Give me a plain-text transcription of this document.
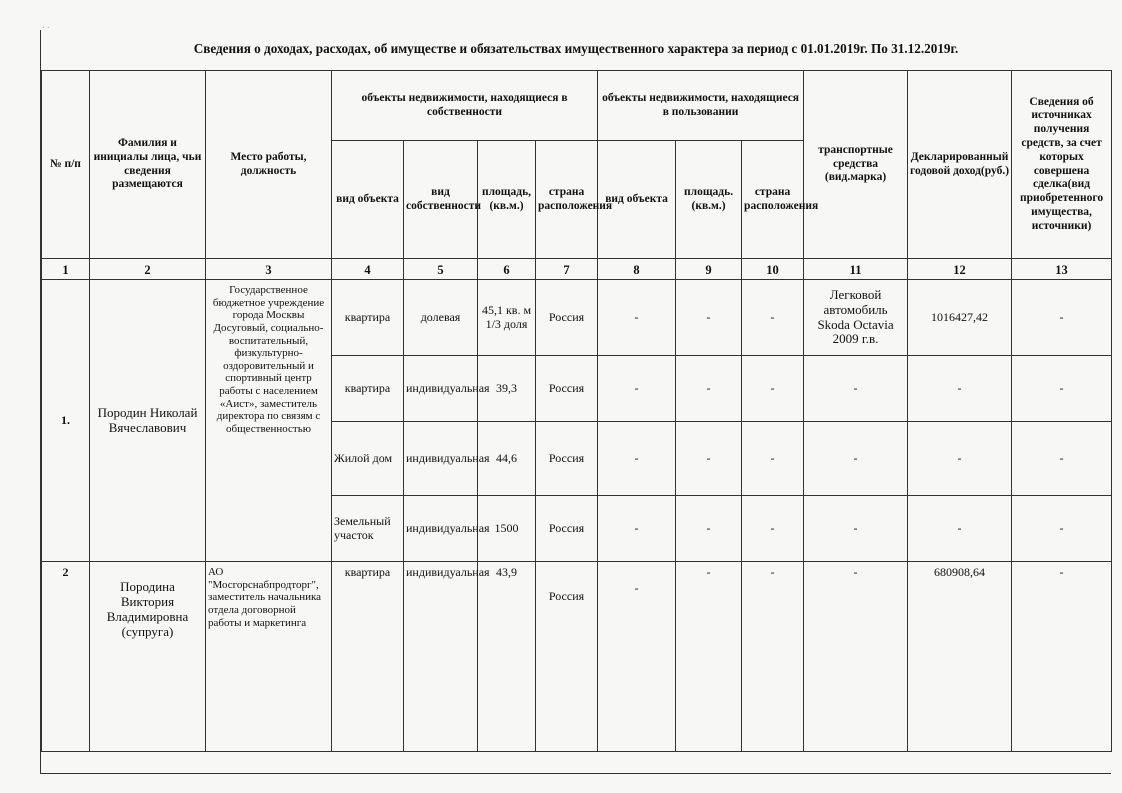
. .
Сведения о доходах, расходах, об имуществе и обязательствах имущественного характера за период с 01.01.2019г. По 31.12.2019г.
№ п/п	Фамилия и инициалы лица, чьи сведения размещаются	Место работы, должность	объекты недвижимости, находящиеся в собственности				объекты недвижимости, находящиеся в пользовании			транспортные средства (вид.марка)	Декларированный годовой доход(руб.)	Сведения об источниках получения средств, за счет которых совершена сделка(вид приобретенного имущества, источники)
			вид объекта	вид собственности	площадь, (кв.м.)	страна расположения	вид объекта	площадь. (кв.м.)	страна расположения			
1	2	3	4	5	6	7	8	9	10	11	12	13
1.	Породин Николай Вячеславович	Государственное бюджетное учреждение города Москвы Досуговый, социально-воспитательный, физкультурно-оздоровительный и спортивный центр работы с населением «Аист», заместитель директора по связям с общественностью	квартира	долевая	45,1 кв. м 1/3 доля	Россия	-	-	-	Легковой автомобиль Skoda Octavia 2009 г.в.	1016427,42	-
			квартира	индивидуальная	39,3	Россия	-	-	-	-	-	-
			Жилой дом	индивидуальная	44,6	Россия	-	-	-	-	-	-
			Земельный участок	индивидуальная	1500	Россия	-	-	-	-	-	-
2	Породина Виктория Владимировна (супруга)	АО "Мосгорснабпродторг", заместитель начальника отдела договорной работы и маркетинга	квартира	индивидуальная	43,9	Россия	-	-	-	-	680908,64	-
